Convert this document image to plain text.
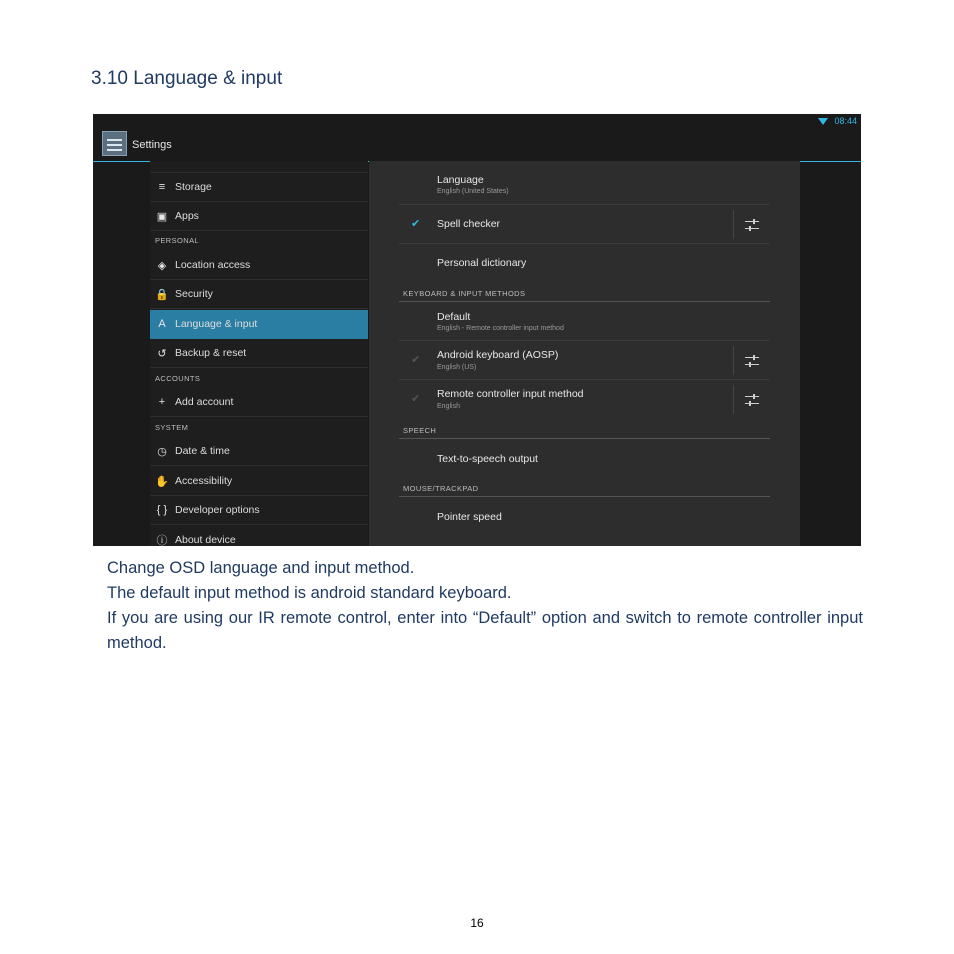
3.10 Language & input
08:44
Settings
≡ Storage
▣ Apps
PERSONAL
◈ Location access
🔒 Security
A Language & input
↺ Backup & reset
ACCOUNTS
+ Add account
SYSTEM
◷ Date & time
✋ Accessibility
{ } Developer options
ⓘ About device
Language
English (United States)
✔ Spell checker
Personal dictionary
KEYBOARD & INPUT METHODS
Default
English - Remote controller input method
✔ Android keyboard (AOSP)
English (US)
✔ Remote controller input method
English
SPEECH
Text-to-speech output
MOUSE/TRACKPAD
Pointer speed

Change OSD language and input method.

The default input method is android standard keyboard.

If you are using our IR remote control, enter into “Default” option and switch to remote controller input method.

16
